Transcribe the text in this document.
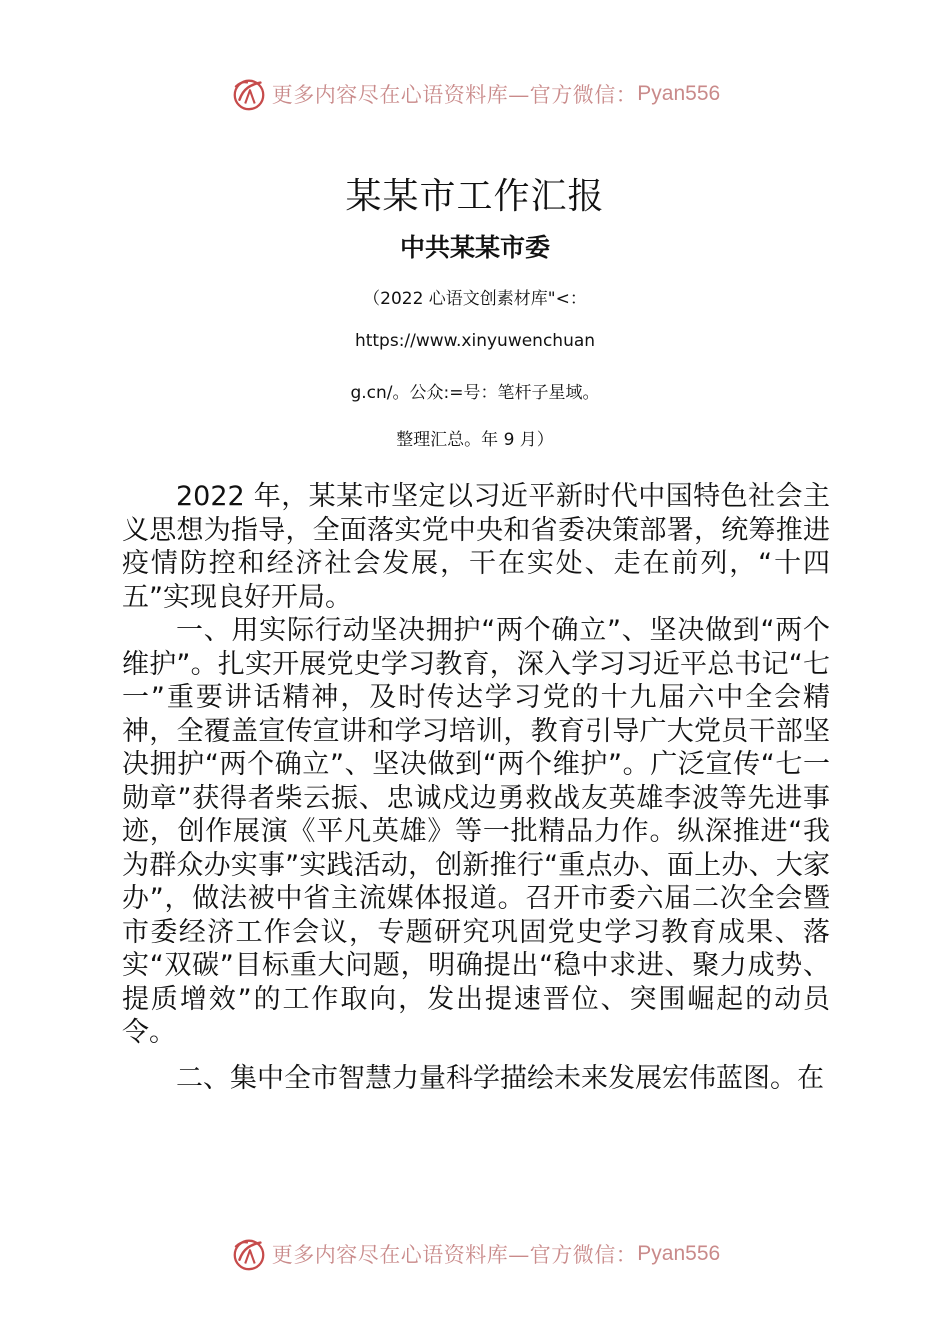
更多内容尽在心语资料库—官方微信： Pyan556
某某市工作汇报
中共某某市委
（2022 心语文创素材库"<：
https://www.xinyuwenchuan
g.cn/。公众:=号：笔杆子星域。
整理汇总。年 9 月）

2022 年，某某市坚定以习近平新时代中国特色社会主义思想为指导，全面落实党中央和省委决策部署，统筹推进疫情防控和经济社会发展，干在实处、走在前列，“十四五”实现良好开局。

一、用实际行动坚决拥护“两个确立”、坚决做到“两个维护”。扎实开展党史学习教育，深入学习习近平总书记“七一”重要讲话精神，及时传达学习党的十九届六中全会精神，全覆盖宣传宣讲和学习培训，教育引导广大党员干部坚决拥护“两个确立”、坚决做到“两个维护”。广泛宣传“七一勋章”获得者柴云振、忠诚戍边勇救战友英雄李波等先进事迹，创作展演《平凡英雄》等一批精品力作。纵深推进“我为群众办实事”实践活动，创新推行“重点办、面上办、大家办”，做法被中省主流媒体报道。召开市委六届二次全会暨市委经济工作会议，专题研究巩固党史学习教育成果、落实“双碳”目标重大问题，明确提出“稳中求进、聚力成势、提质增效”的工作取向，发出提速晋位、突围崛起的动员令。

二、集中全市智慧力量科学描绘未来发展宏伟蓝图。在

更多内容尽在心语资料库—官方微信： Pyan556
